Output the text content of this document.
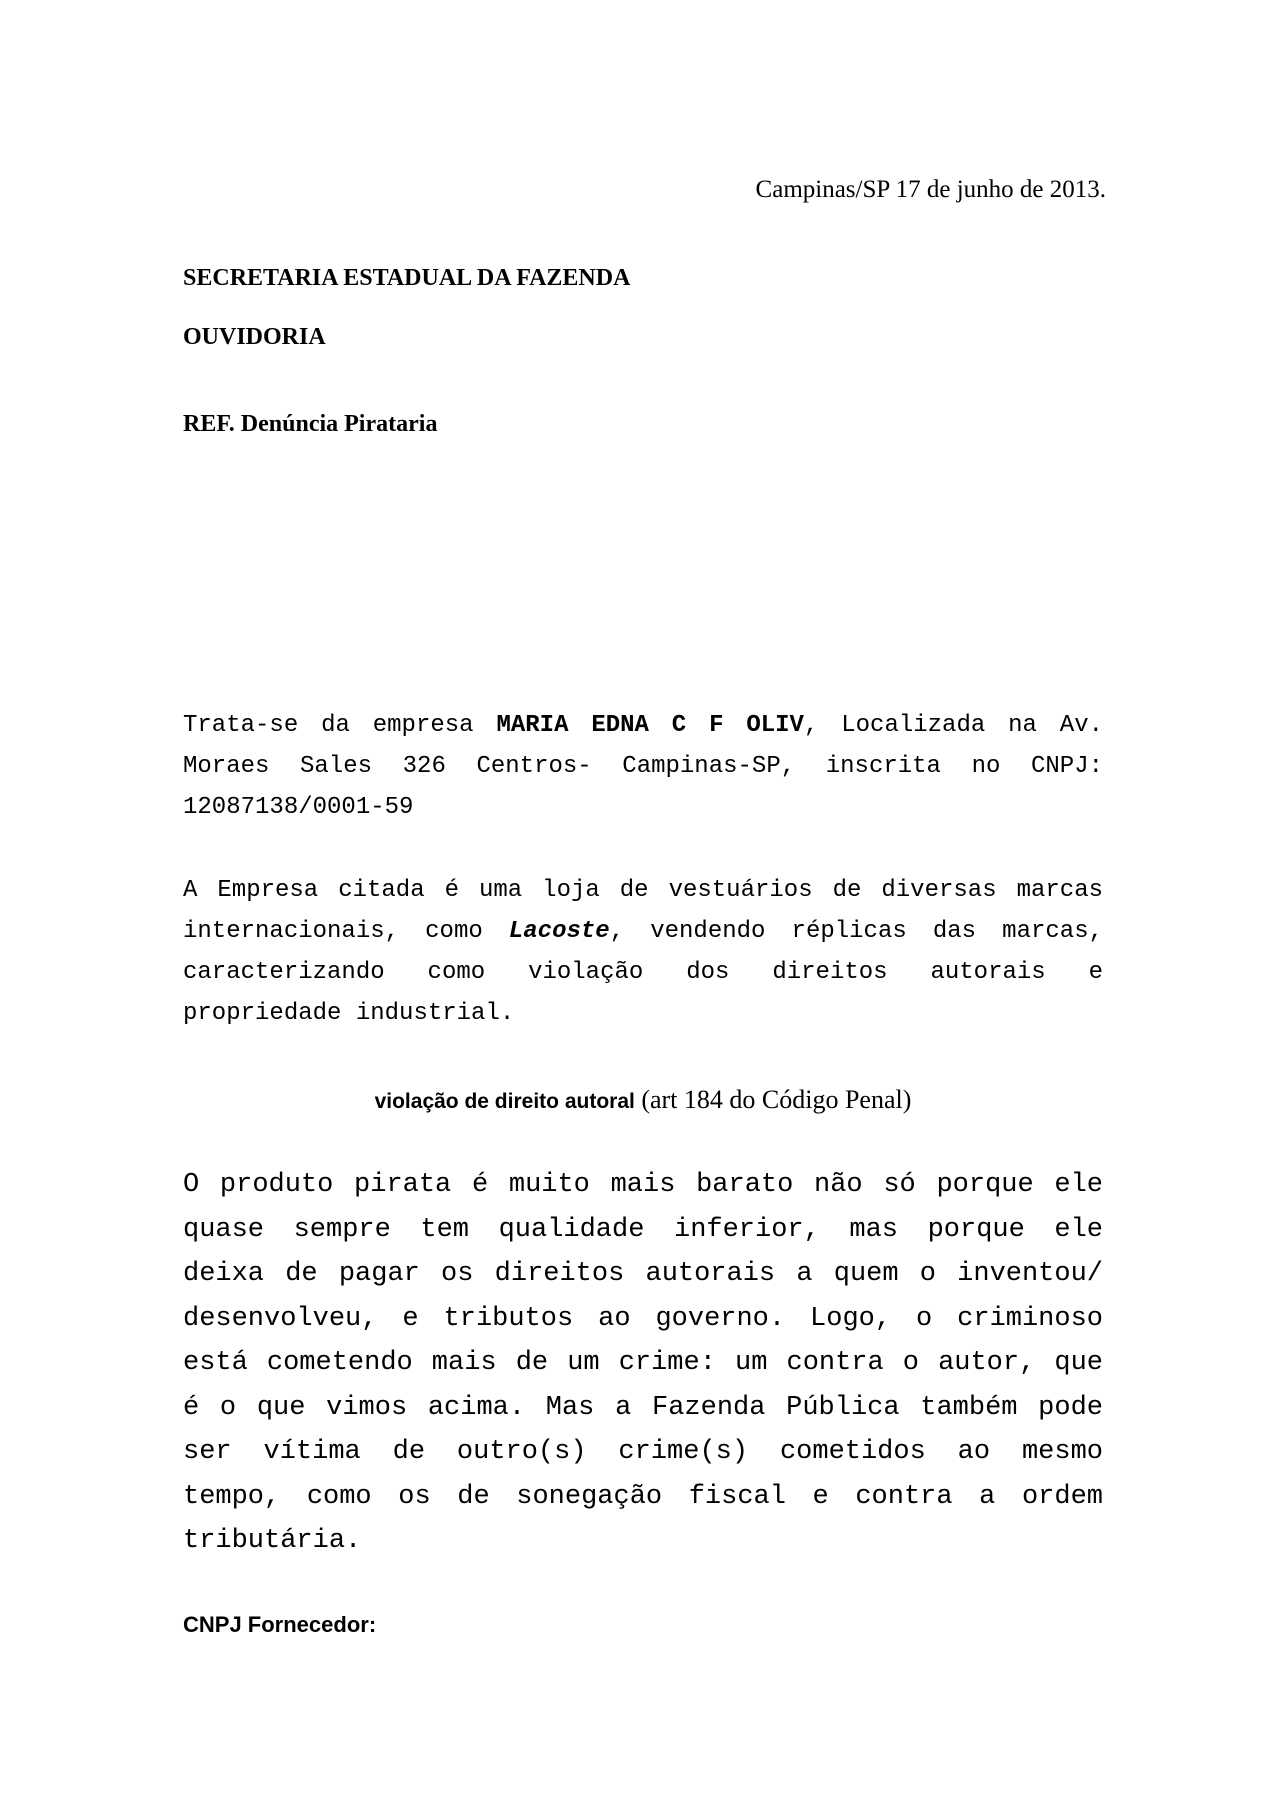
Campinas/SP 17 de junho de 2013.
SECRETARIA ESTADUAL DA FAZENDA
OUVIDORIA
REF. Denúncia Pirataria
Trata-se da empresa MARIA EDNA C F OLIV, Localizada na Av. Moraes Sales 326 Centros- Campinas-SP, inscrita no CNPJ: 12087138/0001-59
A Empresa citada é uma loja de vestuários de diversas marcas internacionais, como Lacoste, vendendo réplicas das marcas, caracterizando como violação dos direitos autorais e propriedade industrial.
violação de direito autoral (art 184 do Código Penal)
O produto pirata é muito mais barato não só porque ele quase sempre tem qualidade inferior, mas porque ele deixa de pagar os direitos autorais a quem o inventou/ desenvolveu, e tributos ao governo. Logo, o criminoso está cometendo mais de um crime: um contra o autor, que é o que vimos acima. Mas a Fazenda Pública também pode ser vítima de outro(s) crime(s) cometidos ao mesmo tempo, como os de sonegação fiscal e contra a ordem tributária.
CNPJ Fornecedor:
